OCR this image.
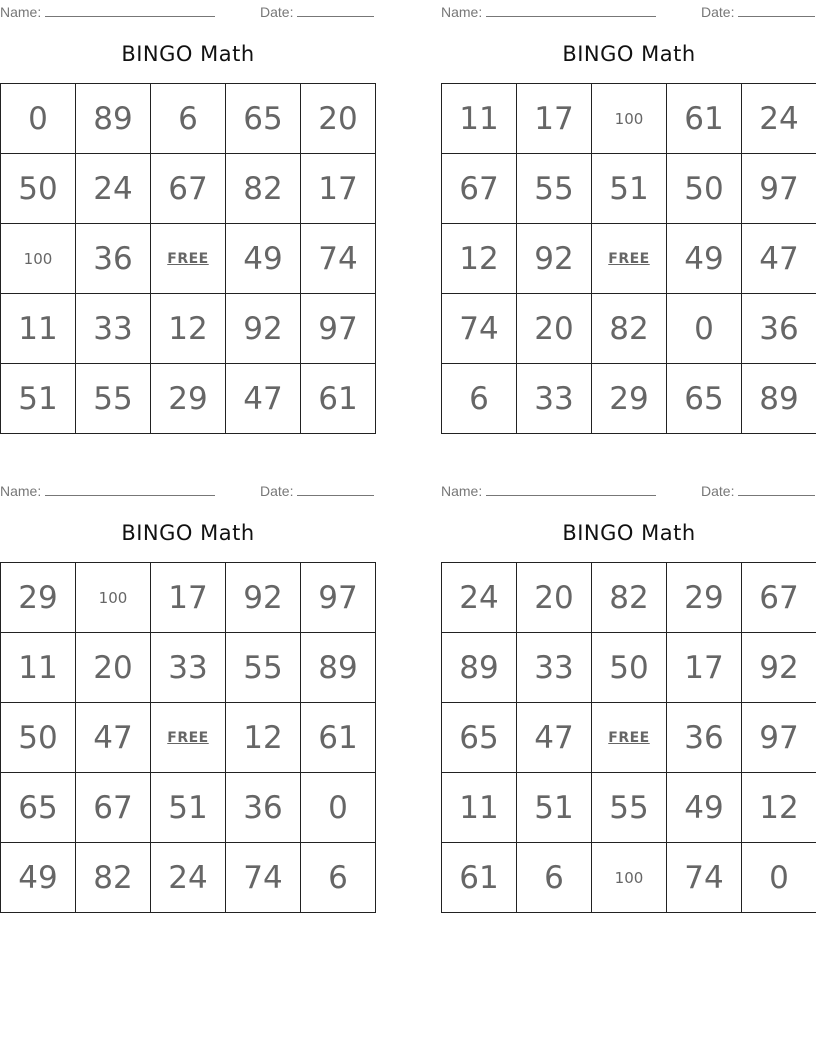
Name:	Date:
BINGO Math
0	89	6	65	20
50	24	67	82	17
100	36	FREE	49	74
11	33	12	92	97
51	55	29	47	61
Name:	Date:
BINGO Math
11	17	100	61	24
67	55	51	50	97
12	92	FREE	49	47
74	20	82	0	36
6	33	29	65	89
Name:	Date:
BINGO Math
29	100	17	92	97
11	20	33	55	89
50	47	FREE	12	61
65	67	51	36	0
49	82	24	74	6
Name:	Date:
BINGO Math
24	20	82	29	67
89	33	50	17	92
65	47	FREE	36	97
11	51	55	49	12
61	6	100	74	0
